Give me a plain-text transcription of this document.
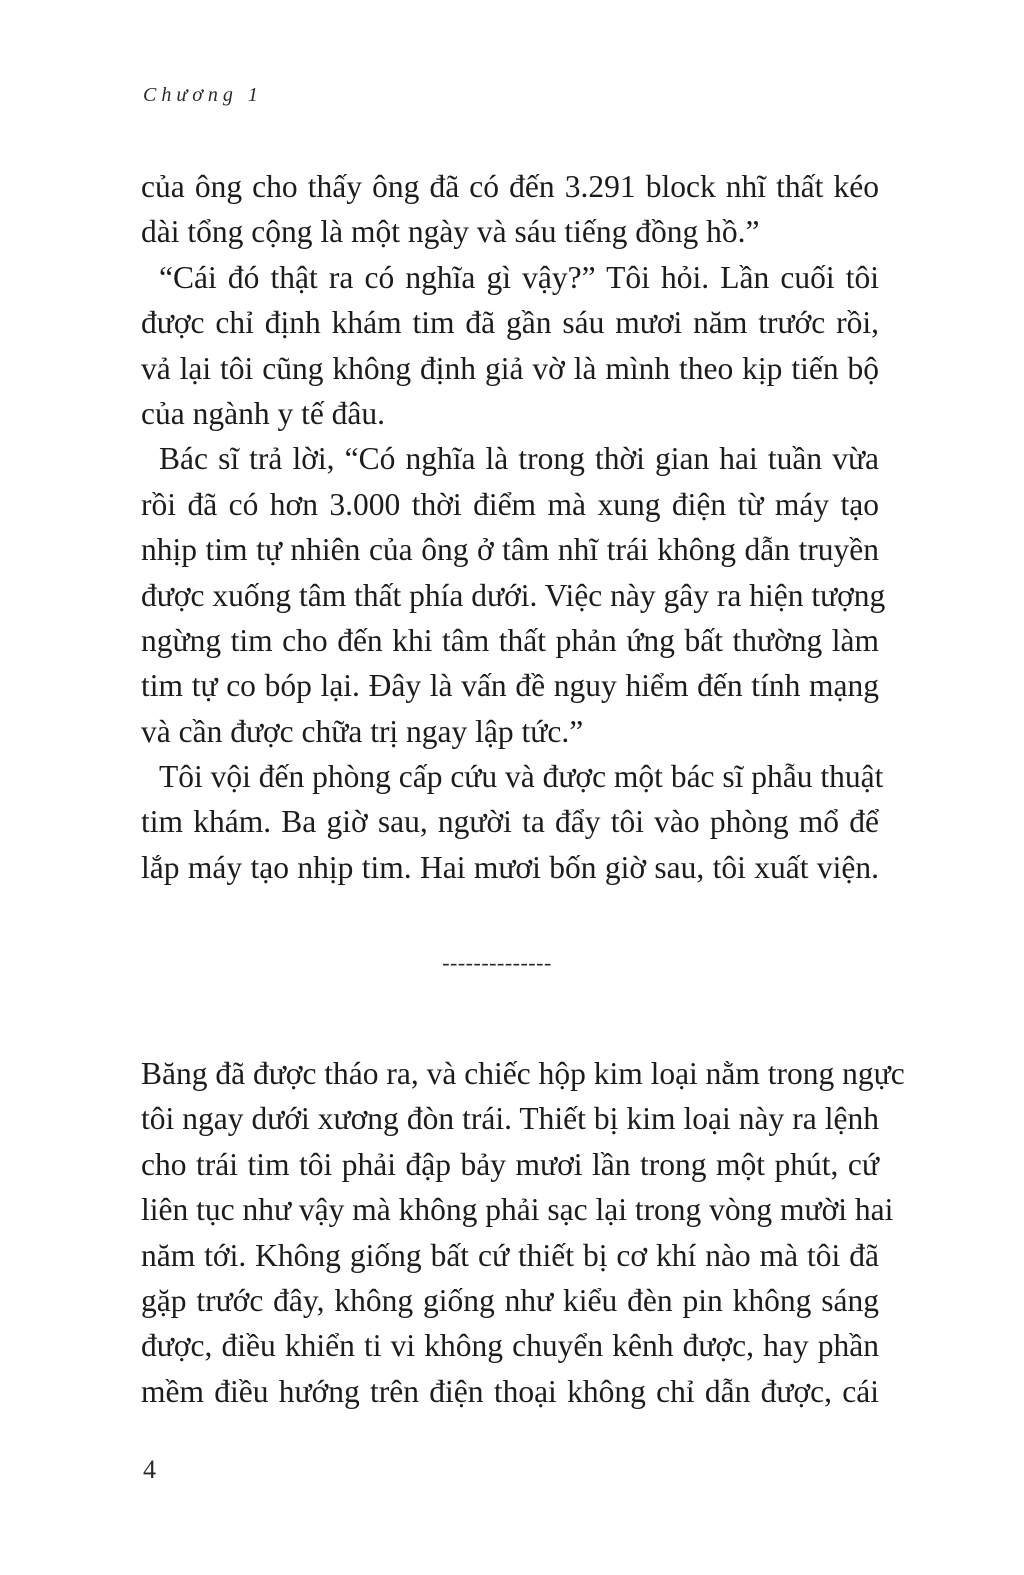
Chương 1
của ông cho thấy ông đã có đến 3.291 block nhĩ thất kéo
dài tổng cộng là một ngày và sáu tiếng đồng hồ.”
“Cái đó thật ra có nghĩa gì vậy?” Tôi hỏi. Lần cuối tôi
được chỉ định khám tim đã gần sáu mươi năm trước rồi,
vả lại tôi cũng không định giả vờ là mình theo kịp tiến bộ
của ngành y tế đâu.
Bác sĩ trả lời, “Có nghĩa là trong thời gian hai tuần vừa
rồi đã có hơn 3.000 thời điểm mà xung điện từ máy tạo
nhịp tim tự nhiên của ông ở tâm nhĩ trái không dẫn truyền
được xuống tâm thất phía dưới. Việc này gây ra hiện tượng
ngừng tim cho đến khi tâm thất phản ứng bất thường làm
tim tự co bóp lại. Đây là vấn đề nguy hiểm đến tính mạng
và cần được chữa trị ngay lập tức.”
Tôi vội đến phòng cấp cứu và được một bác sĩ phẫu thuật
tim khám. Ba giờ sau, người ta đẩy tôi vào phòng mổ để
lắp máy tạo nhịp tim. Hai mươi bốn giờ sau, tôi xuất viện.
--------------
Băng đã được tháo ra, và chiếc hộp kim loại nằm trong ngực
tôi ngay dưới xương đòn trái. Thiết bị kim loại này ra lệnh
cho trái tim tôi phải đập bảy mươi lần trong một phút, cứ
liên tục như vậy mà không phải sạc lại trong vòng mười hai
năm tới. Không giống bất cứ thiết bị cơ khí nào mà tôi đã
gặp trước đây, không giống như kiểu đèn pin không sáng
được, điều khiển ti vi không chuyển kênh được, hay phần
mềm điều hướng trên điện thoại không chỉ dẫn được, cái
4
